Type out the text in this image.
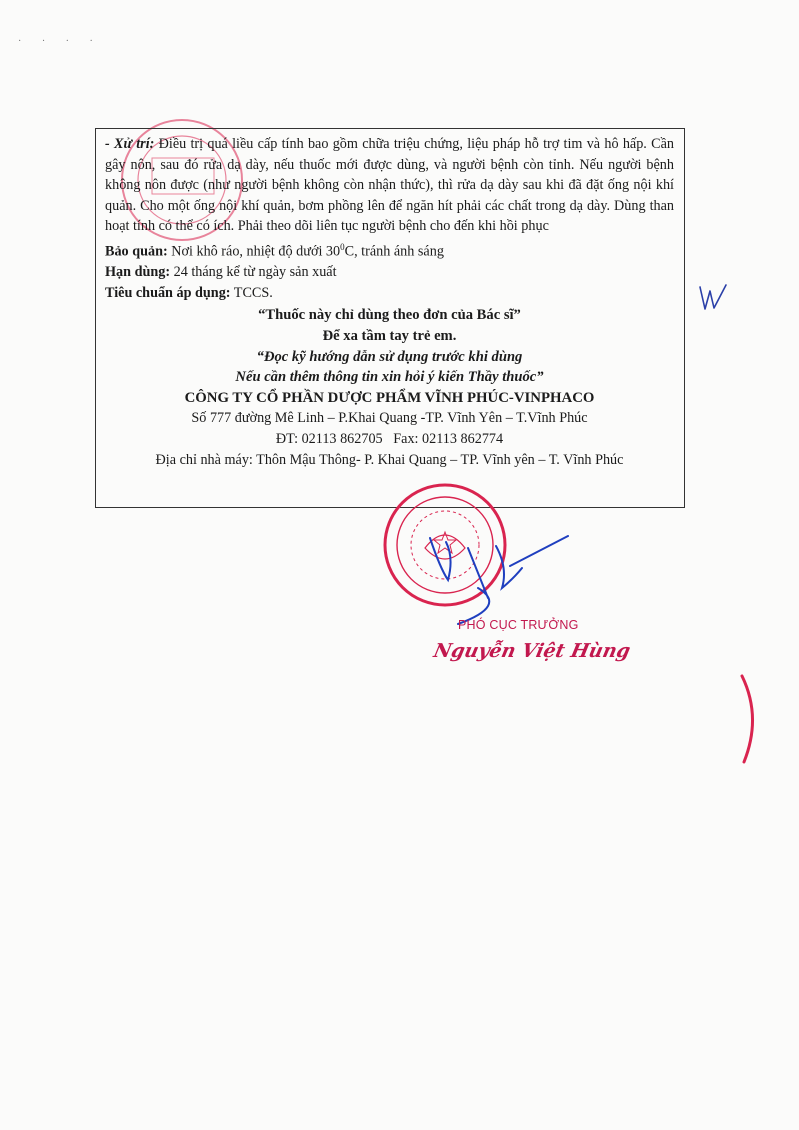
· · · ·

- Xử trí: Điều trị quá liều cấp tính bao gồm chữa triệu chứng, liệu pháp hỗ trợ tim và hô hấp. Cần gây nôn, sau đó rửa dạ dày, nếu thuốc mới được dùng, và người bệnh còn tỉnh. Nếu người bệnh không nôn được (như người bệnh không còn nhận thức), thì rửa dạ dày sau khi đã đặt ống nội khí quản. Cho một ống nội khí quản, bơm phồng lên để ngăn hít phải các chất trong dạ dày. Dùng than hoạt tính có thể có ích. Phải theo dõi liên tục người bệnh cho đến khi hồi phục

Bảo quản: Nơi khô ráo, nhiệt độ dưới $30^0C$, tránh ánh sáng

Hạn dùng: 24 tháng kể từ ngày sản xuất

Tiêu chuẩn áp dụng: TCCS.

“Thuốc này chỉ dùng theo đơn của Bác sĩ”

Để xa tầm tay trẻ em.

“Đọc kỹ hướng dẫn sử dụng trước khi dùng

Nếu cần thêm thông tin xin hỏi ý kiến Thầy thuốc”

CÔNG TY CỔ PHẦN DƯỢC PHẨM VĨNH PHÚC-VINPHACO

Số 777 đường Mê Linh – P.Khai Quang -TP. Vĩnh Yên – T.Vĩnh Phúc

ĐT: 02113 862705   Fax: 02113 862774

Địa chỉ nhà máy: Thôn Mậu Thông- P. Khai Quang – TP. Vĩnh yên – T. Vĩnh Phúc

PHÓ CỤC TRƯỞNG
Nguyễn Việt Hùng
